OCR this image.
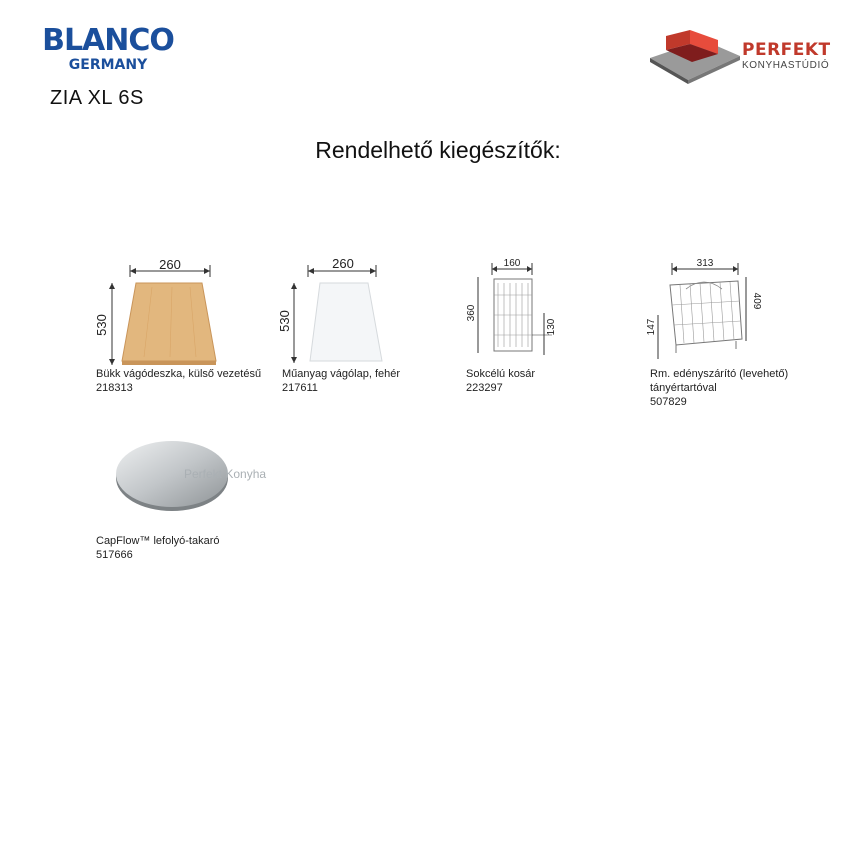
BLANCO
GERMANY
ZIA XL 6S
PERFEKT
KONYHASTÚDIÓ
Rendelhető kiegészítők:
260
530
Bükk vágódeszka, külső vezetésű
218313
260
530
Műanyag vágólap, fehér
217611
160
360
130
Sokcélú kosár
223297
313
409
147
Rm. edényszárító (levehető)
tányértartóval
507829
Perfekt Konyha
CapFlow™ lefolyó-takaró
517666
